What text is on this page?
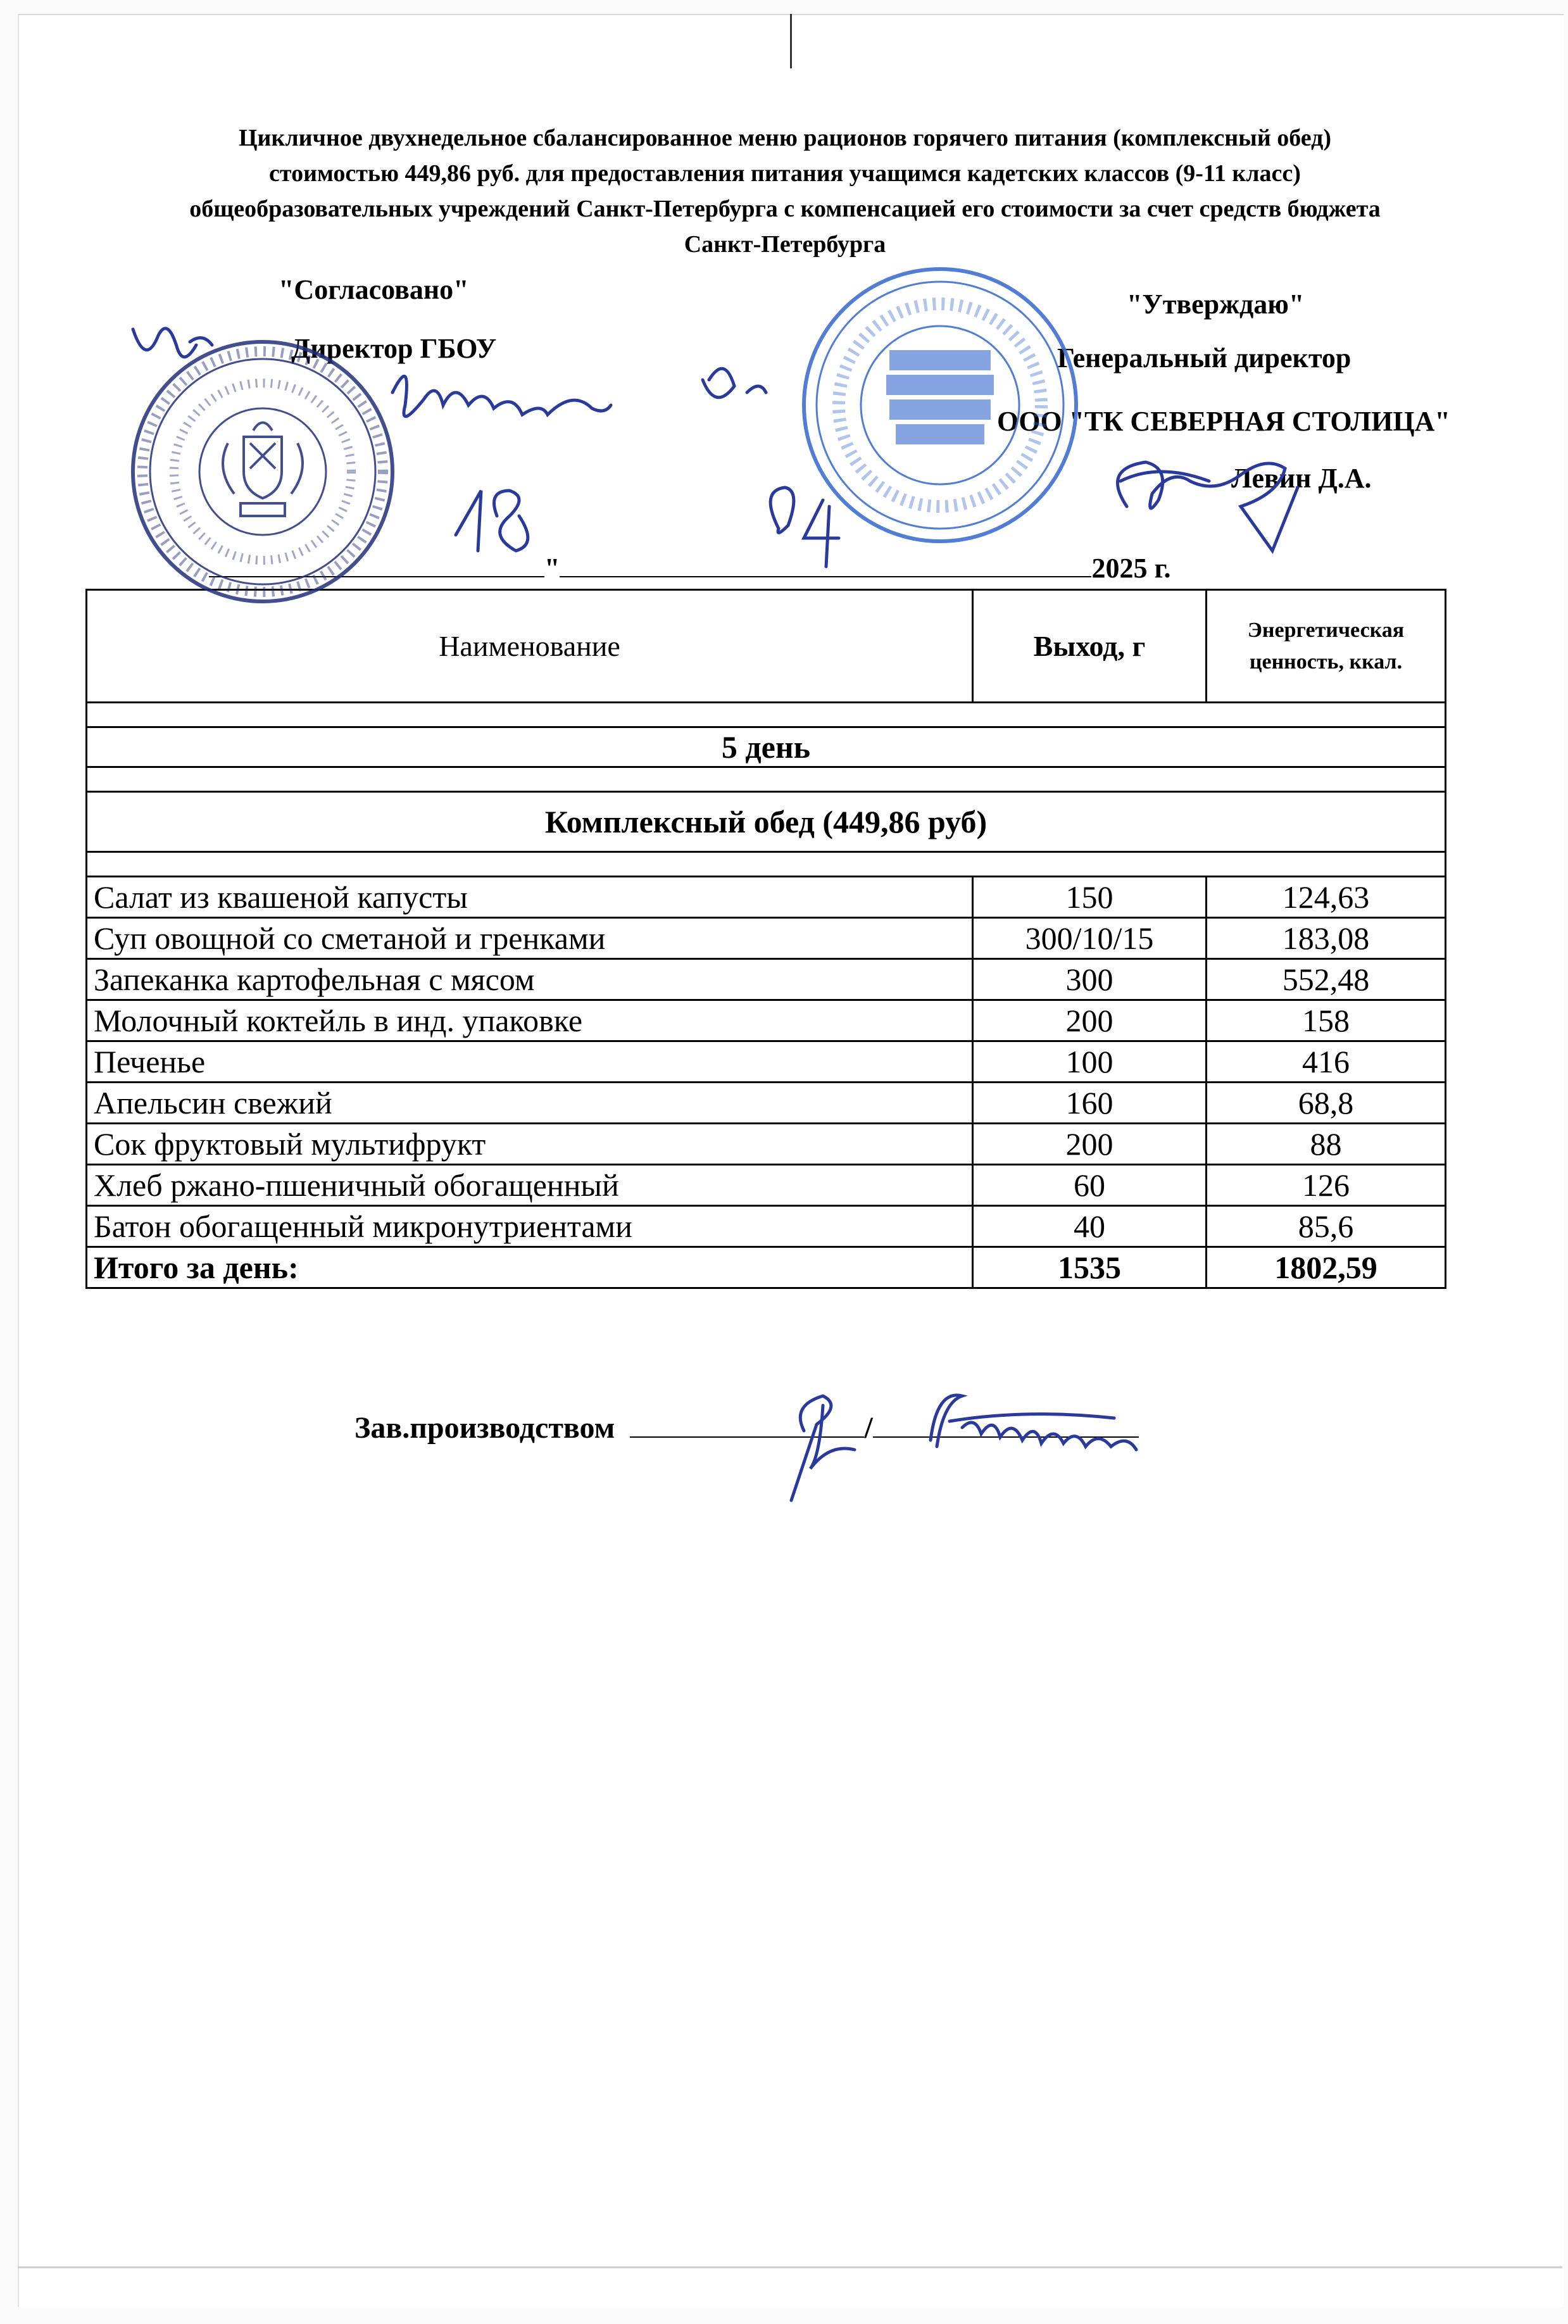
Цикличное двухнедельное сбалансированное меню рационов горячего питания (комплексный обед)
стоимостью 449,86 руб. для предоставления питания учащимся кадетских классов (9-11 класс)
общеобразовательных учреждений Санкт-Петербурга с компенсацией его стоимости за счет средств бюджета
Санкт-Петербурга
"Согласовано"
Директор ГБОУ
"Утверждаю"
Генеральный директор
ООО "ТК СЕВЕРНАЯ СТОЛИЦА"
Левин Д.А.
"	2025 г.
Наименование	Выход, г	Энергетическая ценность, ккал.

5 день		

Комплексный обед (449,86 руб)		

Салат из квашеной капусты	150	124,63
Суп овощной со сметаной и гренками	300/10/15	183,08
Запеканка картофельная с мясом	300	552,48
Молочный коктейль в инд. упаковке	200	158
Печенье	100	416
Апельсин свежий	160	68,8
Сок фруктовый мультифрукт	200	88
Хлеб ржано-пшеничный обогащенный	60	126
Батон обогащенный микронутриентами	40	85,6
Итого за день:	1535	1802,59
Зав.производством	/
